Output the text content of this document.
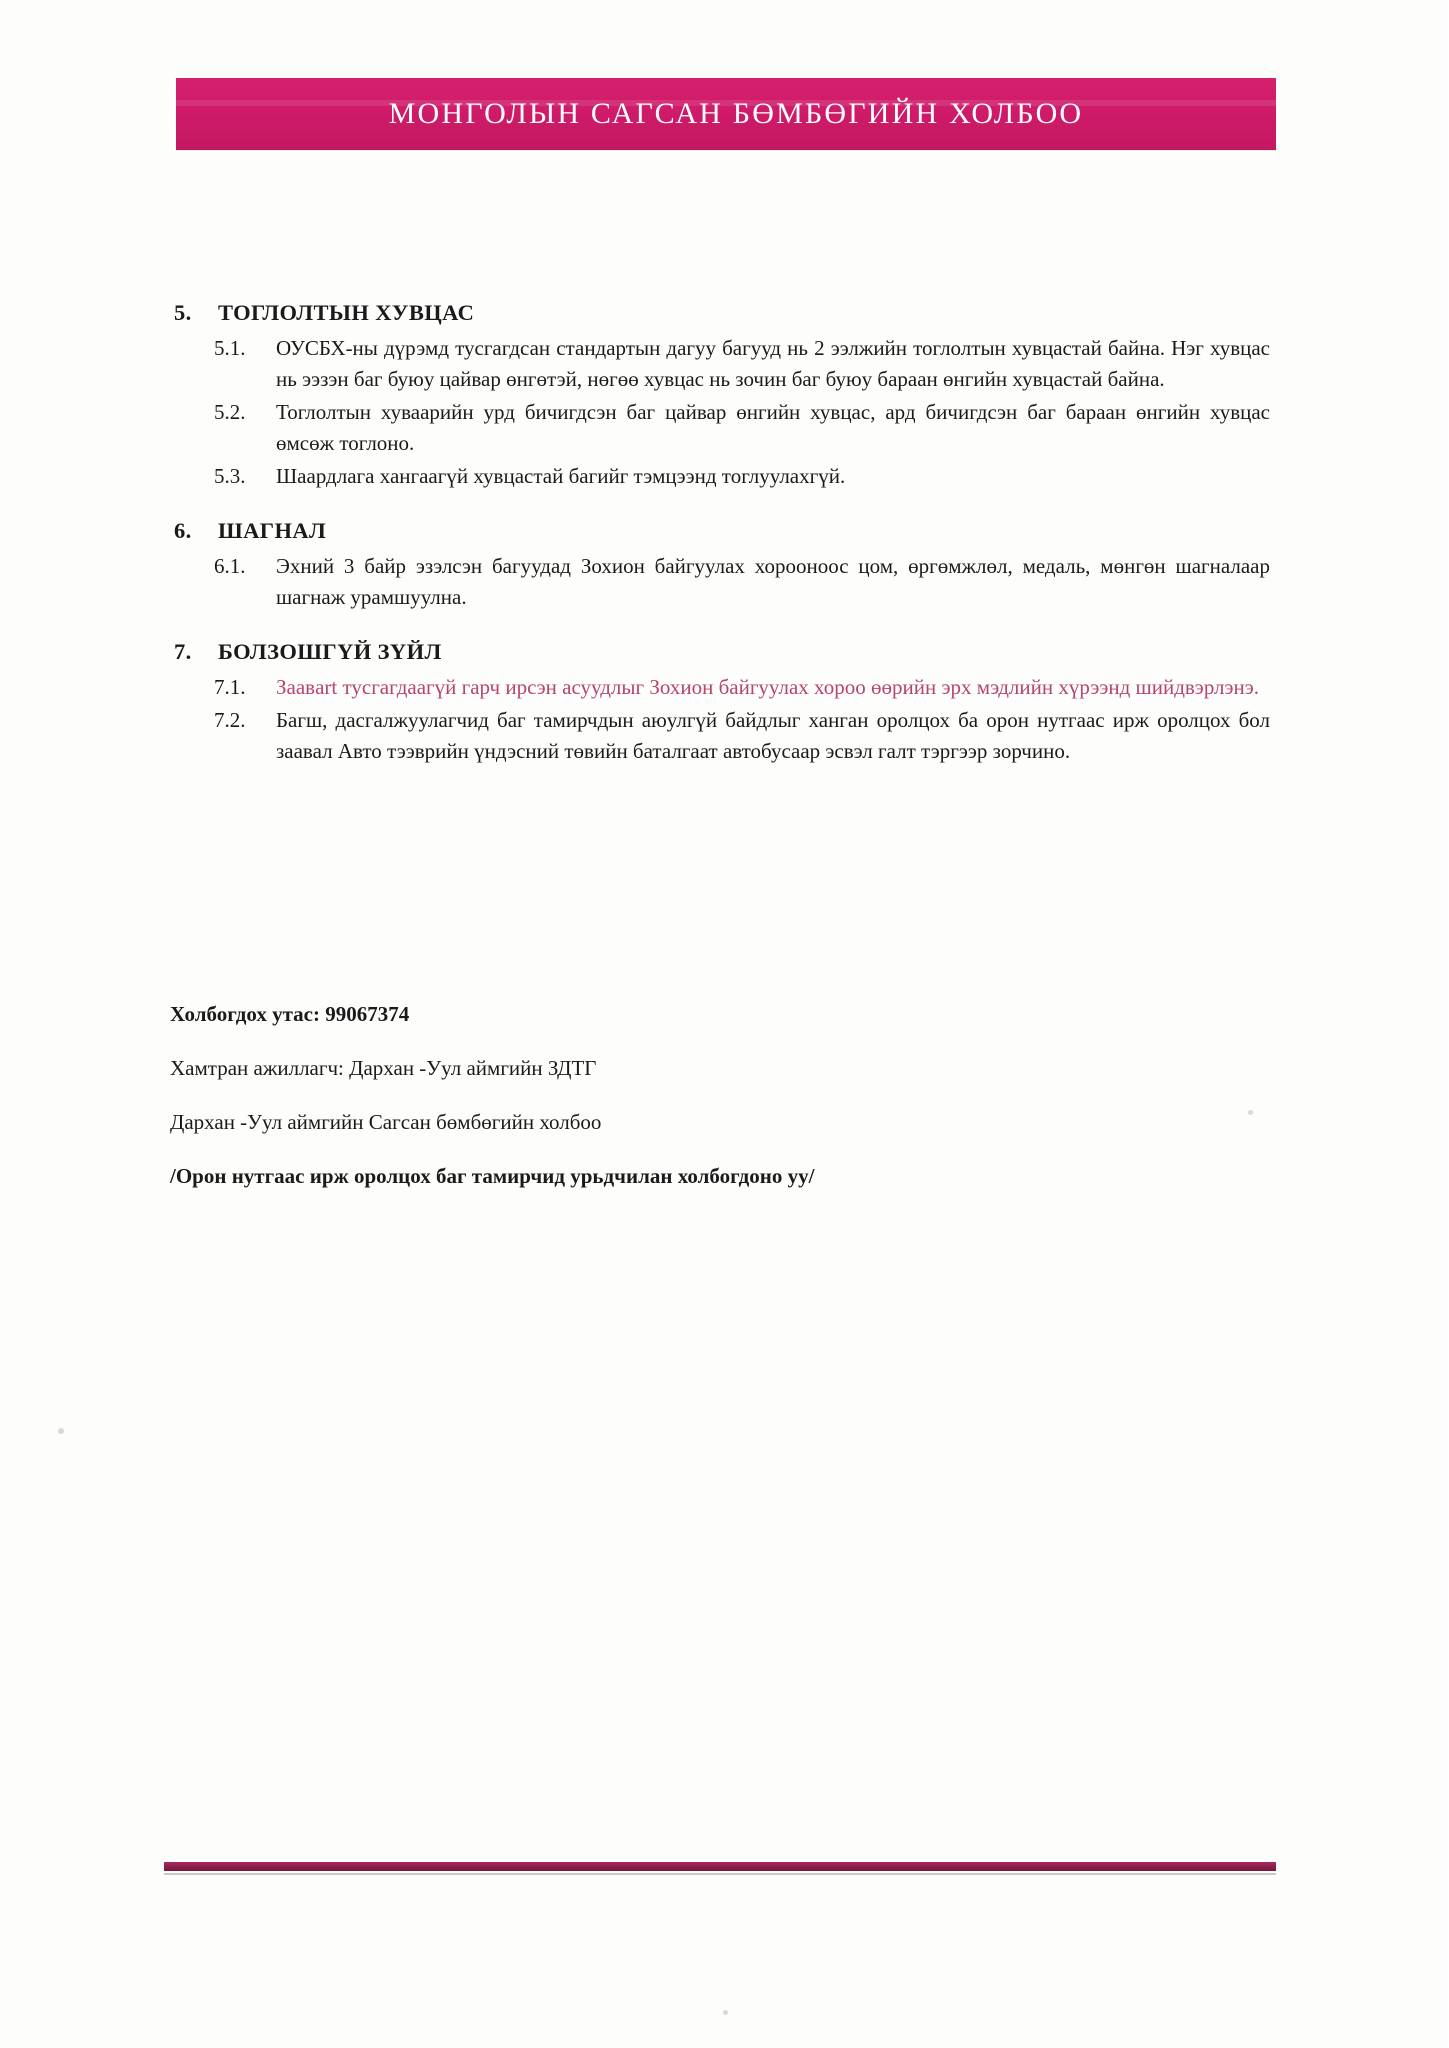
МОНГОЛЫН САГСАН БӨМБӨГИЙН ХОЛБОО
5.	ТОГЛОЛТЫН ХУВЦАС
5.1.	ОУСБХ-ны дүрэмд тусгагдсан стандартын дагуу багууд нь 2 ээлжийн тоглолтын хувцастай байна. Нэг хувцас нь ээзэн баг буюу цайвар өнгөтэй, нөгөө хувцас нь зочин баг буюу бараан өнгийн хувцастай байна.
5.2.	Тоглолтын хуваарийн урд бичигдсэн баг цайвар өнгийн хувцас, ард бичигдсэн баг бараан өнгийн хувцас өмсөж тоглоно.
5.3.	Шаардлага хангаагүй хувцастай багийг тэмцээнд тоглуулахгүй.
6.	ШАГНАЛ
6.1.	Эхний 3 байр эзэлсэн багуудад Зохион байгуулах хорооноос цом, өргөмжлөл, медаль, мөнгөн шагналаар шагнаж урамшуулна.
7.	БОЛЗОШГҮЙ ЗҮЙЛ
7.1.	Заавart тусгагдаагүй гарч ирсэн асуудлыг Зохион байгуулах хороо өөрийн эрх мэдлийн хүрээнд шийдвэрлэнэ.
7.2.	Багш, дасгалжуулагчид баг тамирчдын аюулгүй байдлыг ханган оролцох ба орон нутгаас ирж оролцох бол заавал Авто тээврийн үндэсний төвийн баталгаат автобусаар эсвэл галт тэргээр зорчино.

Холбогдох утас: 99067374

Хамтран ажиллагч: Дархан -Уул аймгийн ЗДТГ

Дархан -Уул аймгийн Сагсан бөмбөгийн холбоо

/Орон нутгаас ирж оролцох баг тамирчид урьдчилан холбогдоно уу/
